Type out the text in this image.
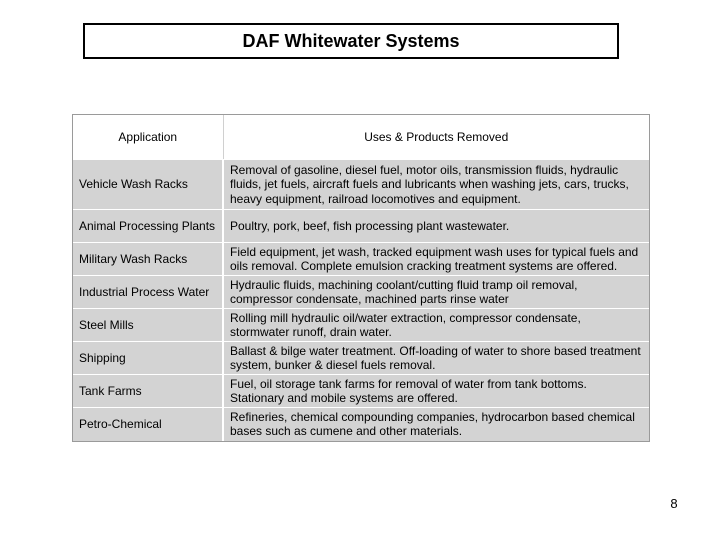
DAF Whitewater Systems
Application	Uses & Products Removed
Vehicle Wash Racks	Removal of gasoline, diesel fuel, motor oils, transmission fluids, hydraulic fluids, jet fuels, aircraft fuels and lubricants when washing jets, cars, trucks, heavy equipment, railroad locomotives and equipment.
Animal Processing Plants	Poultry, pork, beef, fish processing plant wastewater.
Military Wash Racks	Field equipment, jet wash, tracked equipment wash uses for typical fuels and oils removal. Complete emulsion cracking treatment systems are offered.
Industrial Process Water	Hydraulic fluids, machining coolant/cutting fluid tramp oil removal, compressor condensate, machined parts rinse water
Steel Mills	Rolling mill hydraulic oil/water extraction, compressor condensate, stormwater runoff, drain water.
Shipping	Ballast & bilge water treatment. Off-loading of water to shore based treatment system, bunker & diesel fuels removal.
Tank Farms	Fuel, oil storage tank farms for removal of water from tank bottoms. Stationary and mobile systems are offered.
Petro-Chemical	Refineries, chemical compounding companies, hydrocarbon based chemical bases such as cumene and other materials.
8
